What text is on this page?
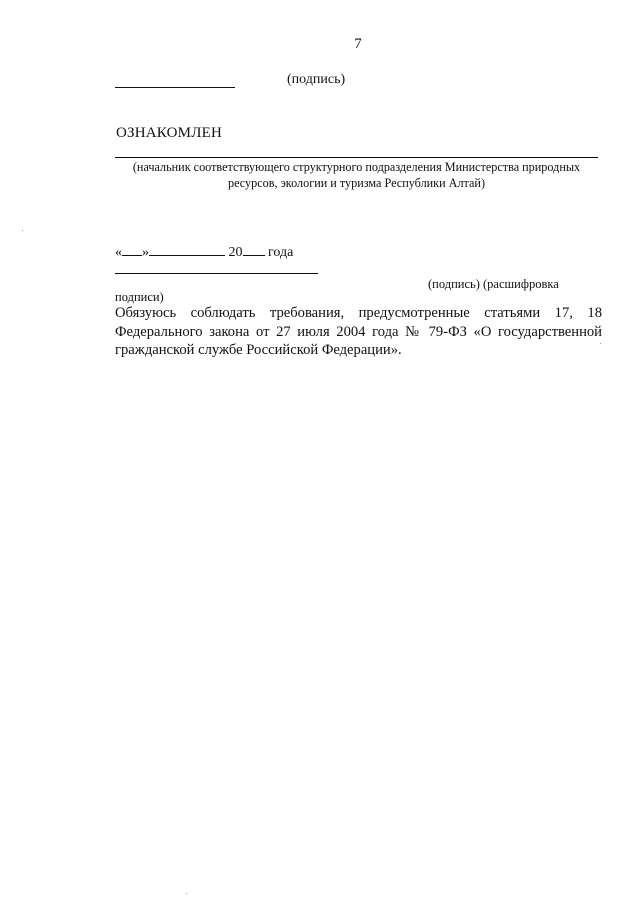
7
(подпись)
ОЗНАКОМЛЕН
(начальник соответствующего структурного подразделения Министерства природных ресурсов, экологии и туризма Республики Алтай)
« »	20 года
(подпись) (расшифровка
подписи)
Обязуюсь соблюдать требования, предусмотренные статьями 17, 18 Федерального закона от 27 июля 2004 года № 79-ФЗ «О государственной гражданской службе Российской Федерации».
